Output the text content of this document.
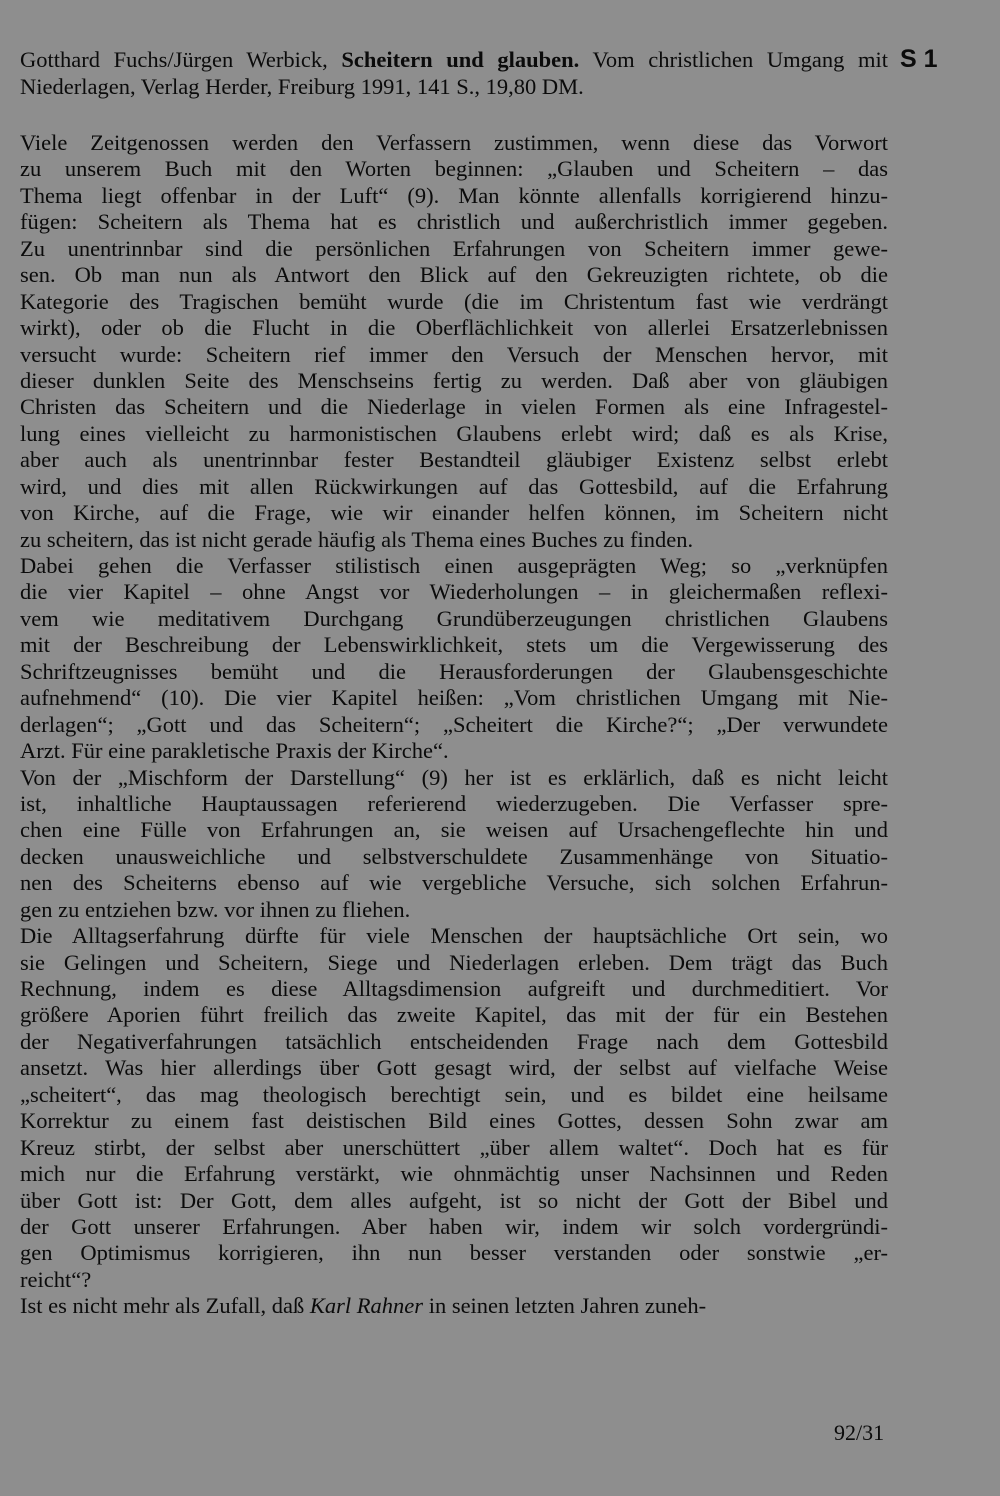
Gotthard Fuchs/Jürgen Werbick, Scheitern und glauben. Vom christlichen Umgang mit Niederlagen, Verlag Herder, Freiburg 1991, 141 S., 19,80 DM.
S 1
Viele Zeitgenossen werden den Verfassern zustimmen, wenn diese das Vorwort
zu unserem Buch mit den Worten beginnen: „Glauben und Scheitern – das
Thema liegt offenbar in der Luft“ (9). Man könnte allenfalls korrigierend hinzu-
fügen: Scheitern als Thema hat es christlich und außerchristlich immer gegeben.
Zu unentrinnbar sind die persönlichen Erfahrungen von Scheitern immer gewe-
sen. Ob man nun als Antwort den Blick auf den Gekreuzigten richtete, ob die
Kategorie des Tragischen bemüht wurde (die im Christentum fast wie verdrängt
wirkt), oder ob die Flucht in die Oberflächlichkeit von allerlei Ersatzerlebnissen
versucht wurde: Scheitern rief immer den Versuch der Menschen hervor, mit
dieser dunklen Seite des Menschseins fertig zu werden. Daß aber von gläubigen
Christen das Scheitern und die Niederlage in vielen Formen als eine Infragestel-
lung eines vielleicht zu harmonistischen Glaubens erlebt wird; daß es als Krise,
aber auch als unentrinnbar fester Bestandteil gläubiger Existenz selbst erlebt
wird, und dies mit allen Rückwirkungen auf das Gottesbild, auf die Erfahrung
von Kirche, auf die Frage, wie wir einander helfen können, im Scheitern nicht
zu scheitern, das ist nicht gerade häufig als Thema eines Buches zu finden.
Dabei gehen die Verfasser stilistisch einen ausgeprägten Weg; so „verknüpfen
die vier Kapitel – ohne Angst vor Wiederholungen – in gleichermaßen reflexi-
vem wie meditativem Durchgang Grundüberzeugungen christlichen Glaubens
mit der Beschreibung der Lebenswirklichkeit, stets um die Vergewisserung des
Schriftzeugnisses bemüht und die Herausforderungen der Glaubensgeschichte
aufnehmend“ (10). Die vier Kapitel heißen: „Vom christlichen Umgang mit Nie-
derlagen“; „Gott und das Scheitern“; „Scheitert die Kirche?“; „Der verwundete
Arzt. Für eine parakletische Praxis der Kirche“.
Von der „Mischform der Darstellung“ (9) her ist es erklärlich, daß es nicht leicht
ist, inhaltliche Hauptaussagen referierend wiederzugeben. Die Verfasser spre-
chen eine Fülle von Erfahrungen an, sie weisen auf Ursachengeflechte hin und
decken unausweichliche und selbstverschuldete Zusammenhänge von Situatio-
nen des Scheiterns ebenso auf wie vergebliche Versuche, sich solchen Erfahrun-
gen zu entziehen bzw. vor ihnen zu fliehen.
Die Alltagserfahrung dürfte für viele Menschen der hauptsächliche Ort sein, wo
sie Gelingen und Scheitern, Siege und Niederlagen erleben. Dem trägt das Buch
Rechnung, indem es diese Alltagsdimension aufgreift und durchmeditiert. Vor
größere Aporien führt freilich das zweite Kapitel, das mit der für ein Bestehen
der Negativerfahrungen tatsächlich entscheidenden Frage nach dem Gottesbild
ansetzt. Was hier allerdings über Gott gesagt wird, der selbst auf vielfache Weise
„scheitert“, das mag theologisch berechtigt sein, und es bildet eine heilsame
Korrektur zu einem fast deistischen Bild eines Gottes, dessen Sohn zwar am
Kreuz stirbt, der selbst aber unerschüttert „über allem waltet“. Doch hat es für
mich nur die Erfahrung verstärkt, wie ohnmächtig unser Nachsinnen und Reden
über Gott ist: Der Gott, dem alles aufgeht, ist so nicht der Gott der Bibel und
der Gott unserer Erfahrungen. Aber haben wir, indem wir solch vordergründi-
gen Optimismus korrigieren, ihn nun besser verstanden oder sonstwie „er-
reicht“?
Ist es nicht mehr als Zufall, daß Karl Rahner in seinen letzten Jahren zuneh-
92/31
